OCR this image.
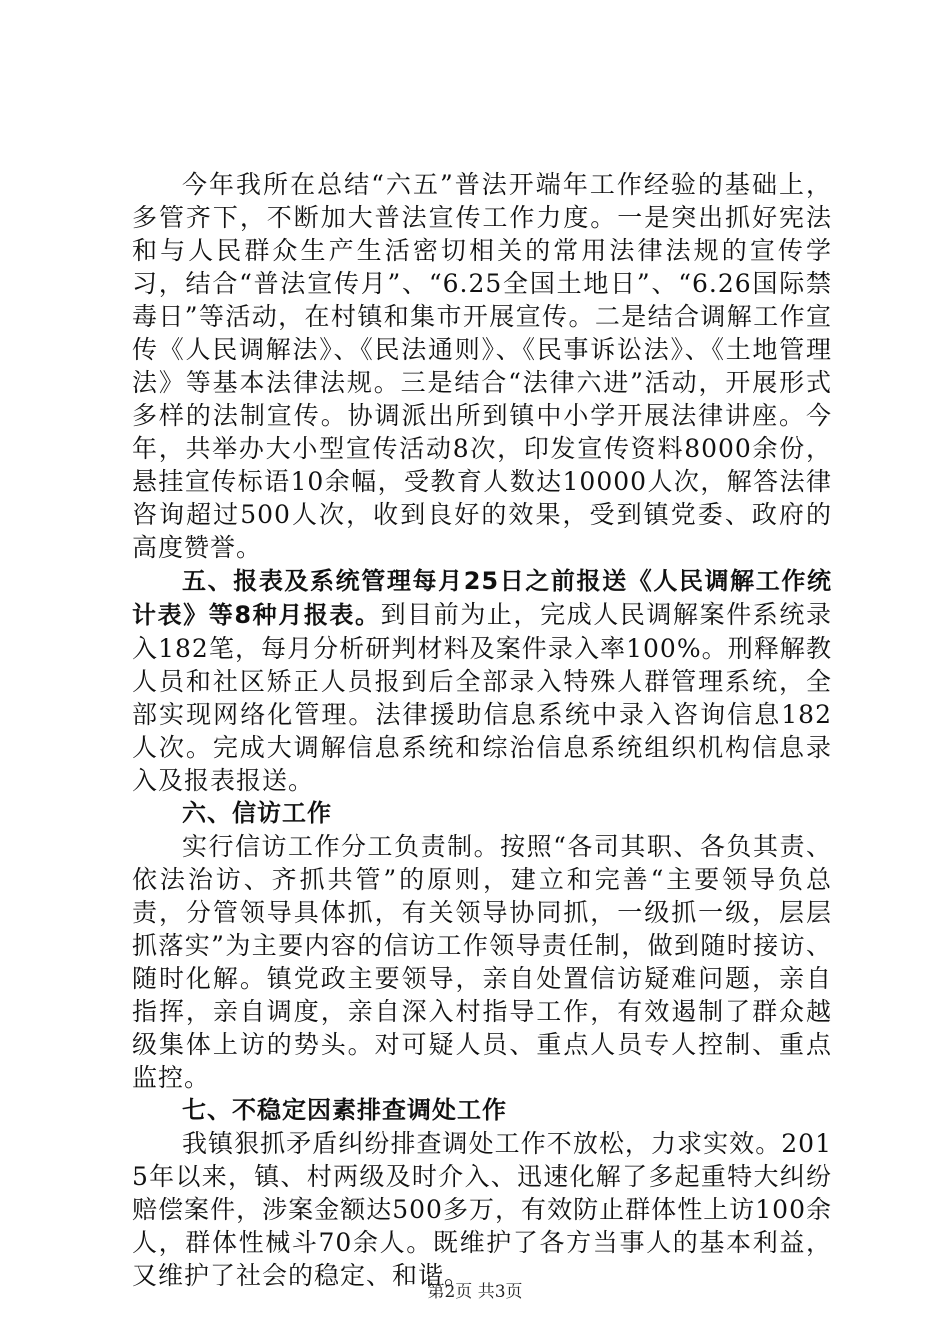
今年我所在总结“六五”普法开端年工作经验的基础上，多管齐下，不断加大普法宣传工作力度。一是突出抓好宪法和与人民群众生产生活密切相关的常用法律法规的宣传学习，结合“普法宣传月”、“6.25全国土地日”、“6.26国际禁毒日”等活动，在村镇和集市开展宣传。二是结合调解工作宣传《人民调解法》、《民法通则》、《民事诉讼法》、《土地管理法》等基本法律法规。三是结合“法律六进”活动，开展形式多样的法制宣传。协调派出所到镇中小学开展法律讲座。今年，共举办大小型宣传活动8次，印发宣传资料8000余份，悬挂宣传标语10余幅，受教育人数达10000人次，解答法律咨询超过500人次，收到良好的效果，受到镇党委、政府的高度赞誉。

五、报表及系统管理每月25日之前报送《人民调解工作统计表》等8种月报表。到目前为止，完成人民调解案件系统录入182笔，每月分析研判材料及案件录入率100%。刑释解教人员和社区矫正人员报到后全部录入特殊人群管理系统，全部实现网络化管理。法律援助信息系统中录入咨询信息182人次。完成大调解信息系统和综治信息系统组织机构信息录入及报表报送。

六、信访工作

实行信访工作分工负责制。按照“各司其职、各负其责、依法治访、齐抓共管”的原则，建立和完善“主要领导负总责，分管领导具体抓，有关领导协同抓，一级抓一级，层层抓落实”为主要内容的信访工作领导责任制，做到随时接访、随时化解。镇党政主要领导，亲自处置信访疑难问题，亲自指挥，亲自调度，亲自深入村指导工作，有效遏制了群众越级集体上访的势头。对可疑人员、重点人员专人控制、重点监控。

七、不稳定因素排查调处工作

我镇狠抓矛盾纠纷排查调处工作不放松，力求实效。2015年以来，镇、村两级及时介入、迅速化解了多起重特大纠纷赔偿案件，涉案金额达500多万，有效防止群体性上访100余人，群体性械斗70余人。既维护了各方当事人的基本利益，又维护了社会的稳定、和谐。

第2页 共3页
